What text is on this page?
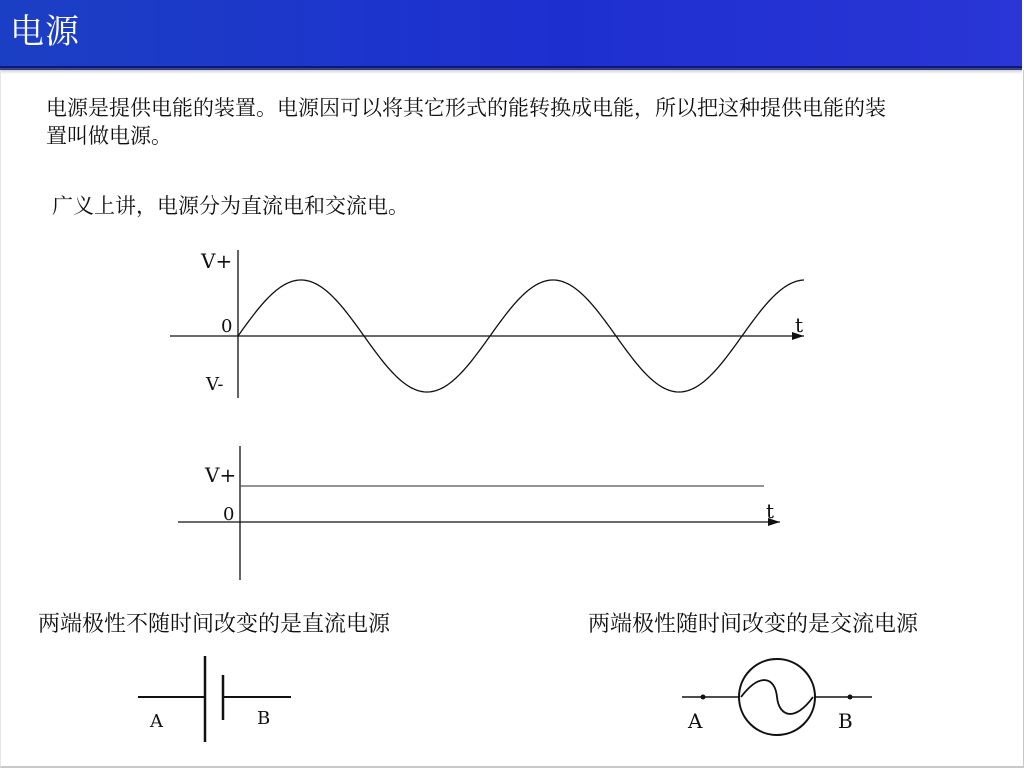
电源
电源是提供电能的装置。电源因可以将其它形式的能转换成电能，所以把这种提供电能的装置叫做电源。
广义上讲，电源分为直流电和交流电。
V+
0
V-
t
V+
0	t
A	B	A	B
两端极性不随时间改变的是直流电源	两端极性随时间改变的是交流电源
